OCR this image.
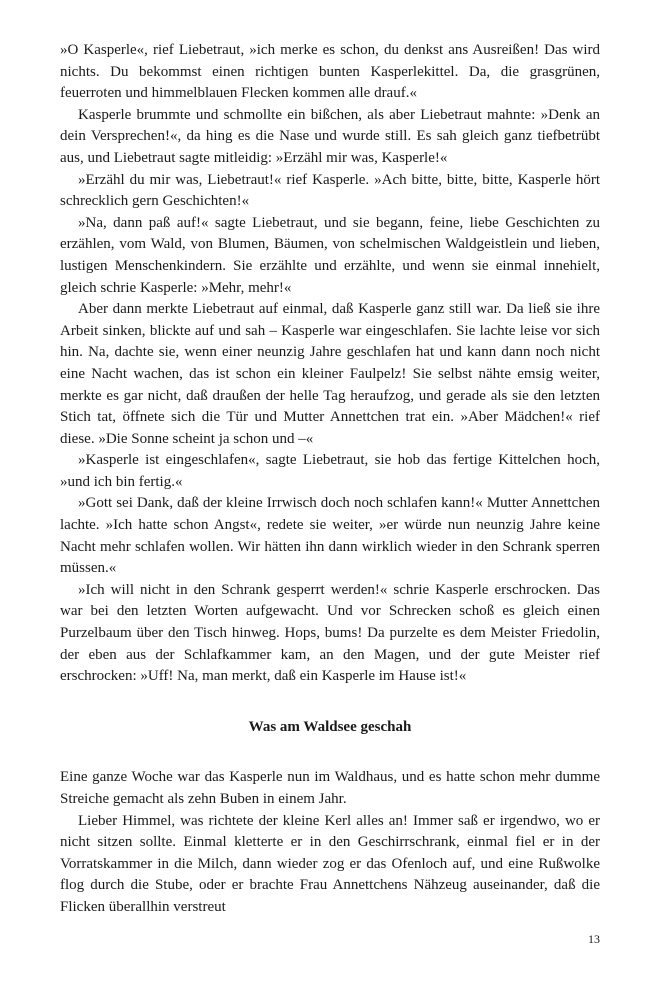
»O Kasperle«, rief Liebetraut, »ich merke es schon, du denkst ans Ausreißen! Das wird nichts. Du bekommst einen richtigen bunten Kasperlekittel. Da, die grasgrünen, feuerroten und himmelblauen Flecken kommen alle drauf.«

Kasperle brummte und schmollte ein bißchen, als aber Liebetraut mahnte: »Denk an dein Versprechen!«, da hing es die Nase und wurde still. Es sah gleich ganz tiefbetrübt aus, und Liebetraut sagte mitleidig: »Erzähl mir was, Kasperle!«

»Erzähl du mir was, Liebetraut!« rief Kasperle. »Ach bitte, bitte, bitte, Kasperle hört schrecklich gern Geschichten!«

»Na, dann paß auf!« sagte Liebetraut, und sie begann, feine, liebe Geschichten zu erzählen, vom Wald, von Blumen, Bäumen, von schelmischen Waldgeistlein und lieben, lustigen Menschenkindern. Sie erzählte und erzählte, und wenn sie einmal innehielt, gleich schrie Kasperle: »Mehr, mehr!«

Aber dann merkte Liebetraut auf einmal, daß Kasperle ganz still war. Da ließ sie ihre Arbeit sinken, blickte auf und sah – Kasperle war eingeschlafen. Sie lachte leise vor sich hin. Na, dachte sie, wenn einer neunzig Jahre geschlafen hat und kann dann noch nicht eine Nacht wachen, das ist schon ein kleiner Faulpelz! Sie selbst nähte emsig weiter, merkte es gar nicht, daß draußen der helle Tag heraufzog, und gerade als sie den letzten Stich tat, öffnete sich die Tür und Mutter Annettchen trat ein. »Aber Mädchen!« rief diese. »Die Sonne scheint ja schon und –«

»Kasperle ist eingeschlafen«, sagte Liebetraut, sie hob das fertige Kittelchen hoch, »und ich bin fertig.«

»Gott sei Dank, daß der kleine Irrwisch doch noch schlafen kann!« Mutter Annettchen lachte. »Ich hatte schon Angst«, redete sie weiter, »er würde nun neunzig Jahre keine Nacht mehr schlafen wollen. Wir hätten ihn dann wirklich wieder in den Schrank sperren müssen.«

»Ich will nicht in den Schrank gesperrt werden!« schrie Kasperle erschrocken. Das war bei den letzten Worten aufgewacht. Und vor Schrecken schoß es gleich einen Purzelbaum über den Tisch hinweg. Hops, bums! Da purzelte es dem Meister Friedolin, der eben aus der Schlafkammer kam, an den Magen, und der gute Meister rief erschrocken: »Uff! Na, man merkt, daß ein Kasperle im Hause ist!«

Was am Waldsee geschah

Eine ganze Woche war das Kasperle nun im Waldhaus, und es hatte schon mehr dumme Streiche gemacht als zehn Buben in einem Jahr.

Lieber Himmel, was richtete der kleine Kerl alles an! Immer saß er irgendwo, wo er nicht sitzen sollte. Einmal kletterte er in den Geschirrschrank, einmal fiel er in der Vorratskammer in die Milch, dann wieder zog er das Ofenloch auf, und eine Rußwolke flog durch die Stube, oder er brachte Frau Annettchens Nähzeug auseinander, daß die Flicken überallhin verstreut

13
